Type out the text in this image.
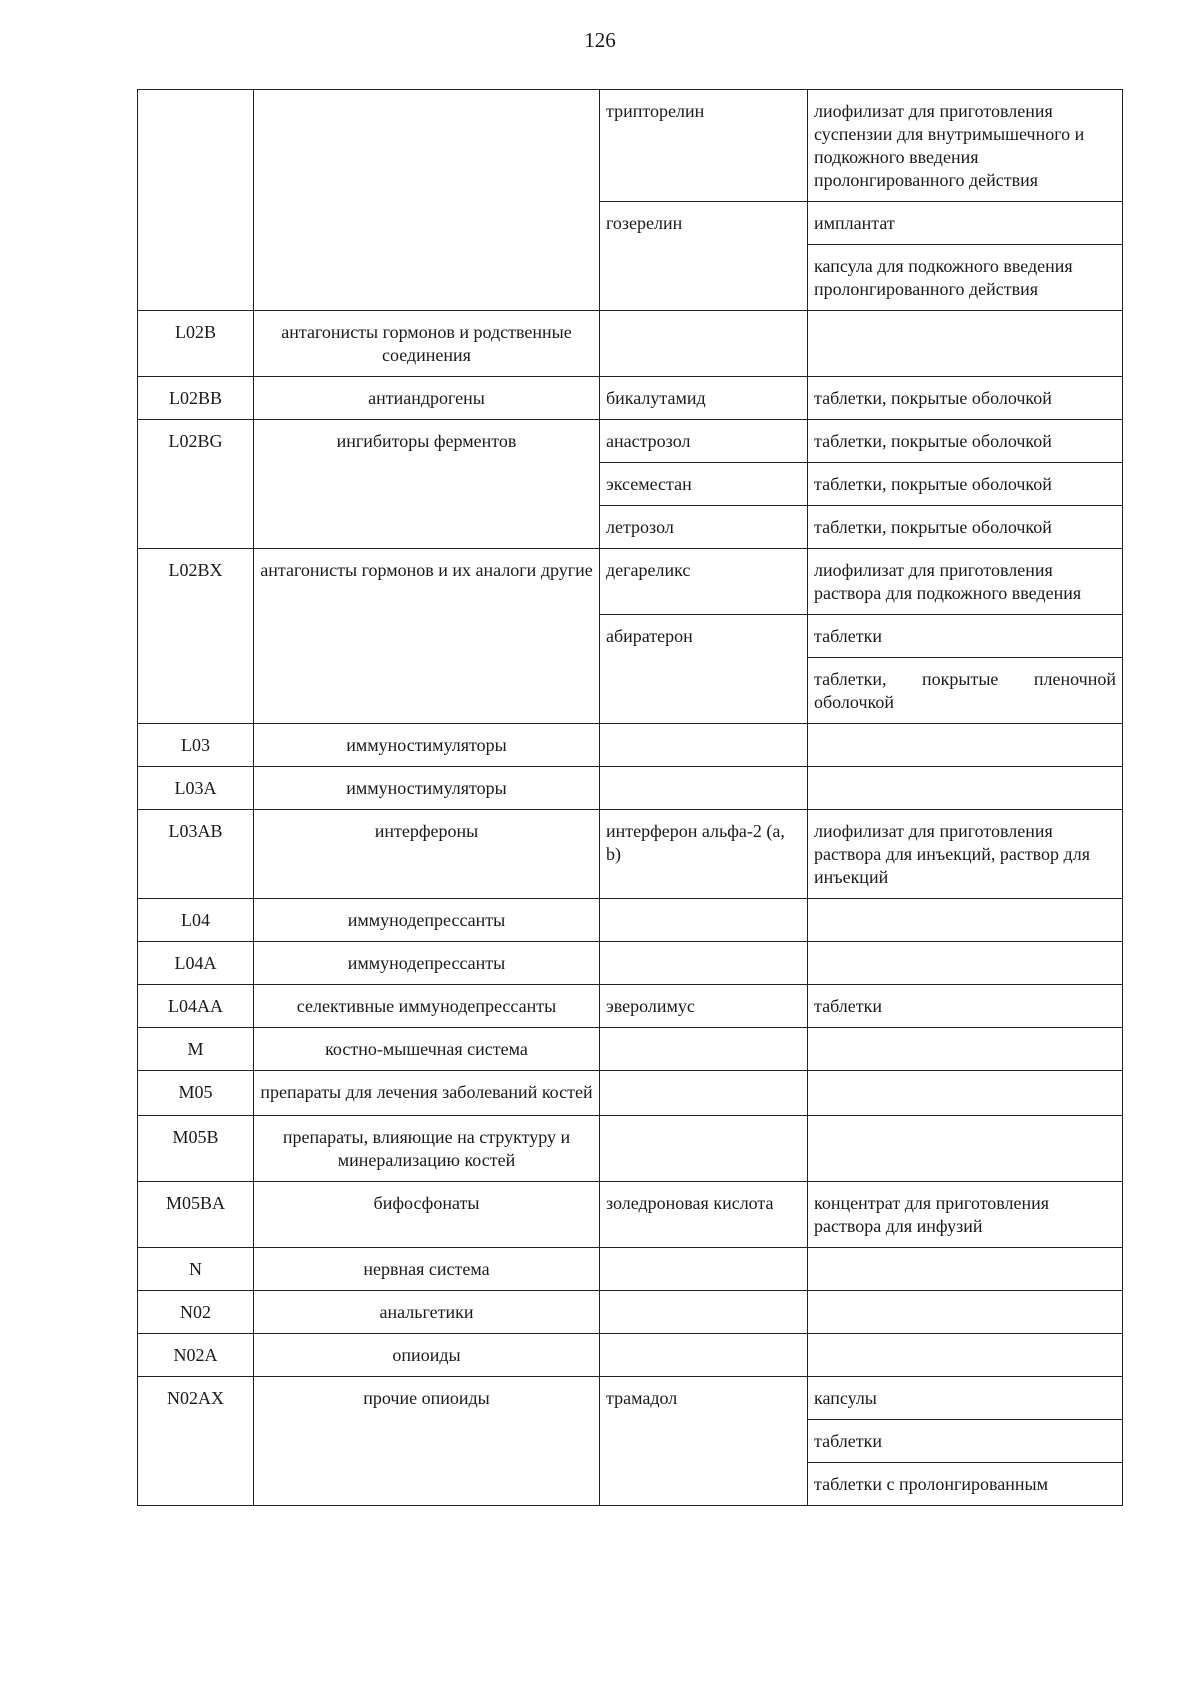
126
		трипторелин	лиофилизат для приготовления суспензии для внутримышечного и подкожного введения пролонгированного действия
		гозерелин	имплантат
			капсула для подкожного введения пролонгированного действия
L02B	антагонисты гормонов и родственные соединения		
L02BB	антиандрогены	бикалутамид	таблетки, покрытые оболочкой
L02BG	ингибиторы ферментов	анастрозол	таблетки, покрытые оболочкой
		эксеместан	таблетки, покрытые оболочкой
		летрозол	таблетки, покрытые оболочкой
L02BX	антагонисты гормонов и их аналоги другие	дегареликс	лиофилизат для приготовления раствора для подкожного введения
		абиратерон	таблетки
			таблетки, покрытые пленочной оболочкой
L03	иммуностимуляторы		
L03A	иммуностимуляторы		
L03AB	интерфероны	интерферон альфа-2 (a, b)	лиофилизат для приготовления раствора для инъекций, раствор для инъекций
L04	иммунодепрессанты		
L04A	иммунодепрессанты		
L04AA	селективные иммунодепрессанты	эверолимус	таблетки
M	костно-мышечная система		
M05	препараты для лечения заболеваний костей		
M05B	препараты, влияющие на структуру и минерализацию костей		
M05BA	бифосфонаты	золедроновая кислота	концентрат для приготовления раствора для инфузий
N	нервная система		
N02	анальгетики		
N02A	опиоиды		
N02AX	прочие опиоиды	трамадол	капсулы
			таблетки
			таблетки с пролонгированным
